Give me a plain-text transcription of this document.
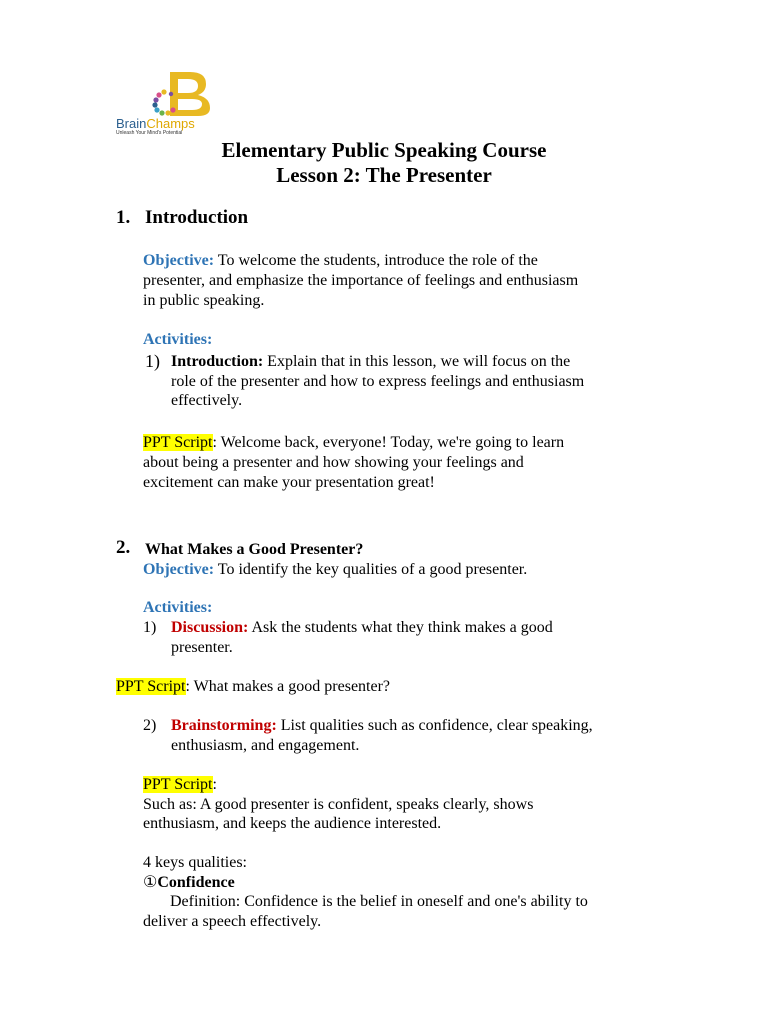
BrainChamps
Unleash Your Mind's Potential
Elementary Public Speaking Course
Lesson 2: The Presenter
1. Introduction
Objective: To welcome the students, introduce the role of the
presenter, and emphasize the importance of feelings and enthusiasm
in public speaking.
Activities:
1) Introduction: Explain that in this lesson, we will focus on the
role of the presenter and how to express feelings and enthusiasm
effectively.
PPT Script: Welcome back, everyone! Today, we're going to learn
about being a presenter and how showing your feelings and
excitement can make your presentation great!
2. What Makes a Good Presenter?
Objective: To identify the key qualities of a good presenter.
Activities:
1) Discussion: Ask the students what they think makes a good
presenter.
PPT Script: What makes a good presenter?
2) Brainstorming: List qualities such as confidence, clear speaking,
enthusiasm, and engagement.
PPT Script:
Such as: A good presenter is confident, speaks clearly, shows
enthusiasm, and keeps the audience interested.
4 keys qualities:
①Confidence
Definition: Confidence is the belief in oneself and one's ability to
deliver a speech effectively.
